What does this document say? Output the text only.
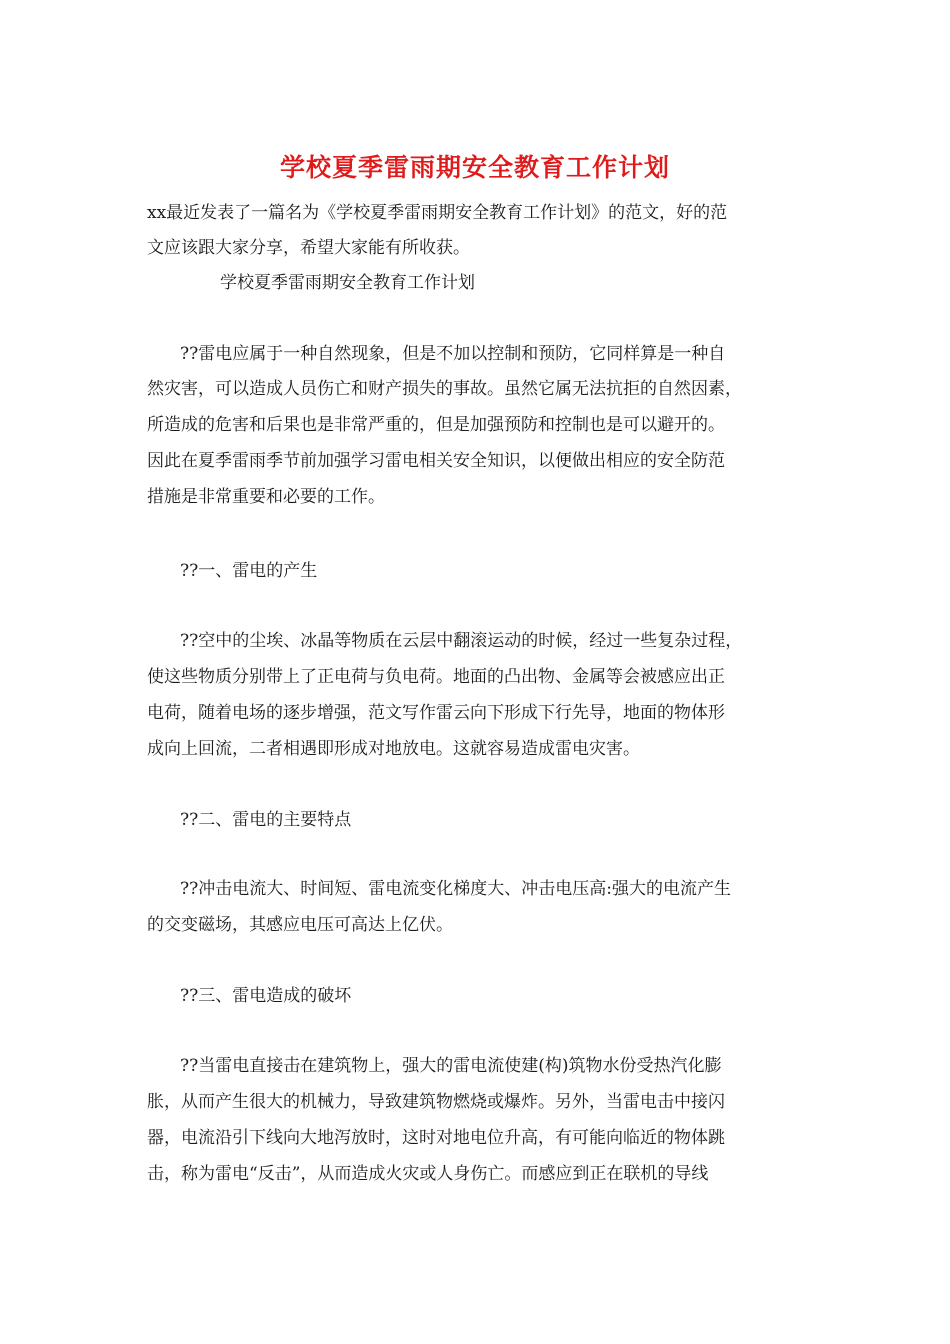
学校夏季雷雨期安全教育工作计划
xx最近发表了一篇名为《学校夏季雷雨期安全教育工作计划》的范文，好的范
文应该跟大家分享，希望大家能有所收获。
学校夏季雷雨期安全教育工作计划
??雷电应属于一种自然现象，但是不加以控制和预防，它同样算是一种自
然灾害，可以造成人员伤亡和财产损失的事故。虽然它属无法抗拒的自然因素，
所造成的危害和后果也是非常严重的，但是加强预防和控制也是可以避开的。
因此在夏季雷雨季节前加强学习雷电相关安全知识，以便做出相应的安全防范
措施是非常重要和必要的工作。
??一、雷电的产生
??空中的尘埃、冰晶等物质在云层中翻滚运动的时候，经过一些复杂过程，
使这些物质分别带上了正电荷与负电荷。地面的凸出物、金属等会被感应出正
电荷，随着电场的逐步增强，范文写作雷云向下形成下行先导，地面的物体形
成向上回流，二者相遇即形成对地放电。这就容易造成雷电灾害。
??二、雷电的主要特点
??冲击电流大、时间短、雷电流变化梯度大、冲击电压高:强大的电流产生
的交变磁场，其感应电压可高达上亿伏。
??三、雷电造成的破坏
??当雷电直接击在建筑物上，强大的雷电流使建(构)筑物水份受热汽化膨
胀，从而产生很大的机械力，导致建筑物燃烧或爆炸。另外，当雷电击中接闪
器，电流沿引下线向大地泻放时，这时对地电位升高，有可能向临近的物体跳
击，称为雷电“反击”，从而造成火灾或人身伤亡。而感应到正在联机的导线
